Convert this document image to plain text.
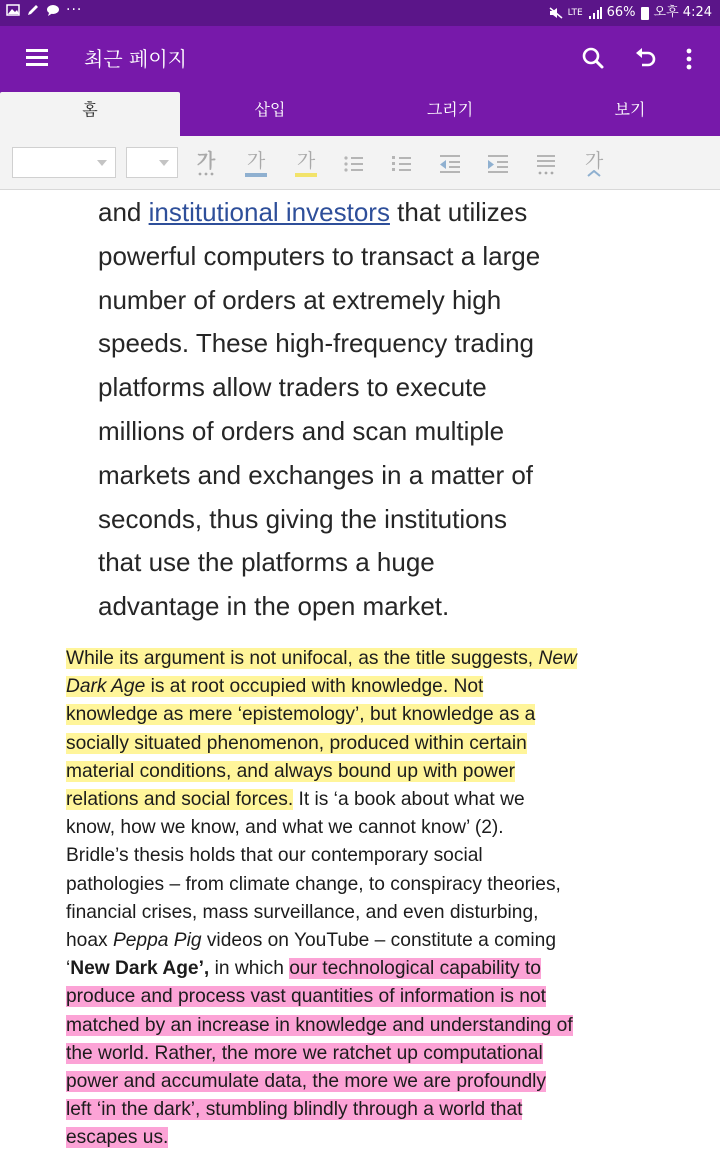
···	LTE 66% 오후 4:24
최근 페이지
홈	삽입	그리기	보기
가 가 가	가
and institutional investors that utilizes
powerful computers to transact a large
number of orders at extremely high
speeds. These high-frequency trading
platforms allow traders to execute
millions of orders and scan multiple
markets and exchanges in a matter of
seconds, thus giving the institutions
that use the platforms a huge
advantage in the open market.
While its argument is not unifocal, as the title suggests, New
Dark Age is at root occupied with knowledge. Not
knowledge as mere ‘epistemology’, but knowledge as a
socially situated phenomenon, produced within certain
material conditions, and always bound up with power
relations and social forces. It is ‘a book about what we
know, how we know, and what we cannot know’ (2).
Bridle’s thesis holds that our contemporary social
pathologies – from climate change, to conspiracy theories,
financial crises, mass surveillance, and even disturbing,
hoax Peppa Pig videos on YouTube – constitute a coming
‘New Dark Age’, in which our technological capability to
produce and process vast quantities of information is not
matched by an increase in knowledge and understanding of
the world. Rather, the more we ratchet up computational
power and accumulate data, the more we are profoundly
left ‘in the dark’, stumbling blindly through a world that
escapes us.
